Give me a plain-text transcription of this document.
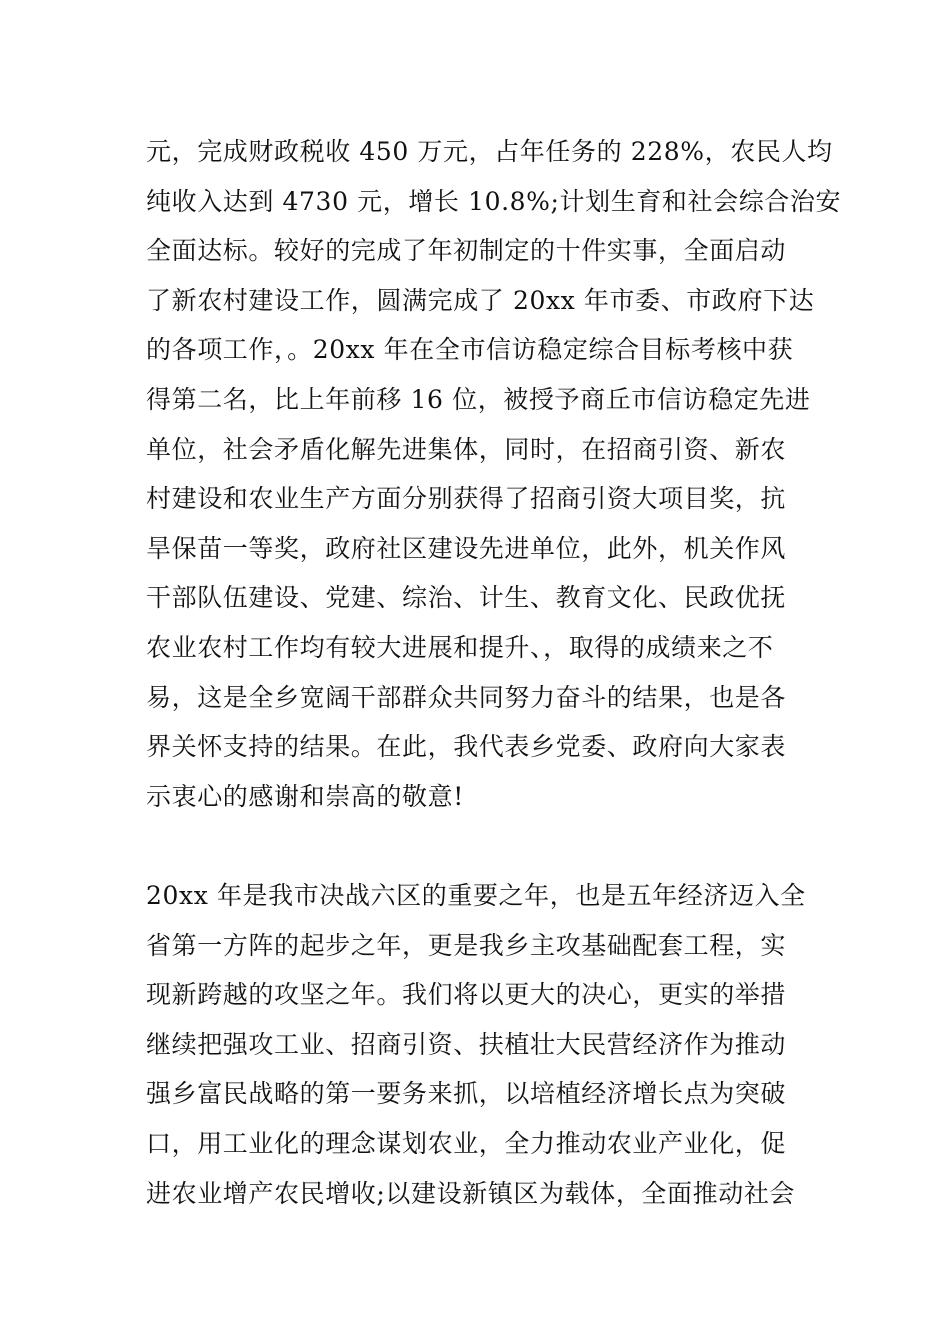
元，完成财政税收 450 万元，占年任务的 228%，农民人均
纯收入达到 4730 元，增长 10.8%;计划生育和社会综合治安
全面达标。较好的完成了年初制定的十件实事，全面启动
了新农村建设工作，圆满完成了 20xx 年市委、市政府下达
的各项工作，。20xx 年在全市信访稳定综合目标考核中获
得第二名，比上年前移 16 位，被授予商丘市信访稳定先进
单位，社会矛盾化解先进集体，同时，在招商引资、新农
村建设和农业生产方面分别获得了招商引资大项目奖，抗
旱保苗一等奖，政府社区建设先进单位，此外，机关作风
干部队伍建设、党建、综治、计生、教育文化、民政优抚
农业农村工作均有较大进展和提升、，取得的成绩来之不
易，这是全乡宽阔干部群众共同努力奋斗的结果，也是各
界关怀支持的结果。在此，我代表乡党委、政府向大家表
示衷心的感谢和崇高的敬意!
20xx 年是我市决战六区的重要之年，也是五年经济迈入全
省第一方阵的起步之年，更是我乡主攻基础配套工程，实
现新跨越的攻坚之年。我们将以更大的决心，更实的举措
继续把强攻工业、招商引资、扶植壮大民营经济作为推动
强乡富民战略的第一要务来抓，以培植经济增长点为突破
口，用工业化的理念谋划农业，全力推动农业产业化，促
进农业增产农民增收;以建设新镇区为载体，全面推动社会
